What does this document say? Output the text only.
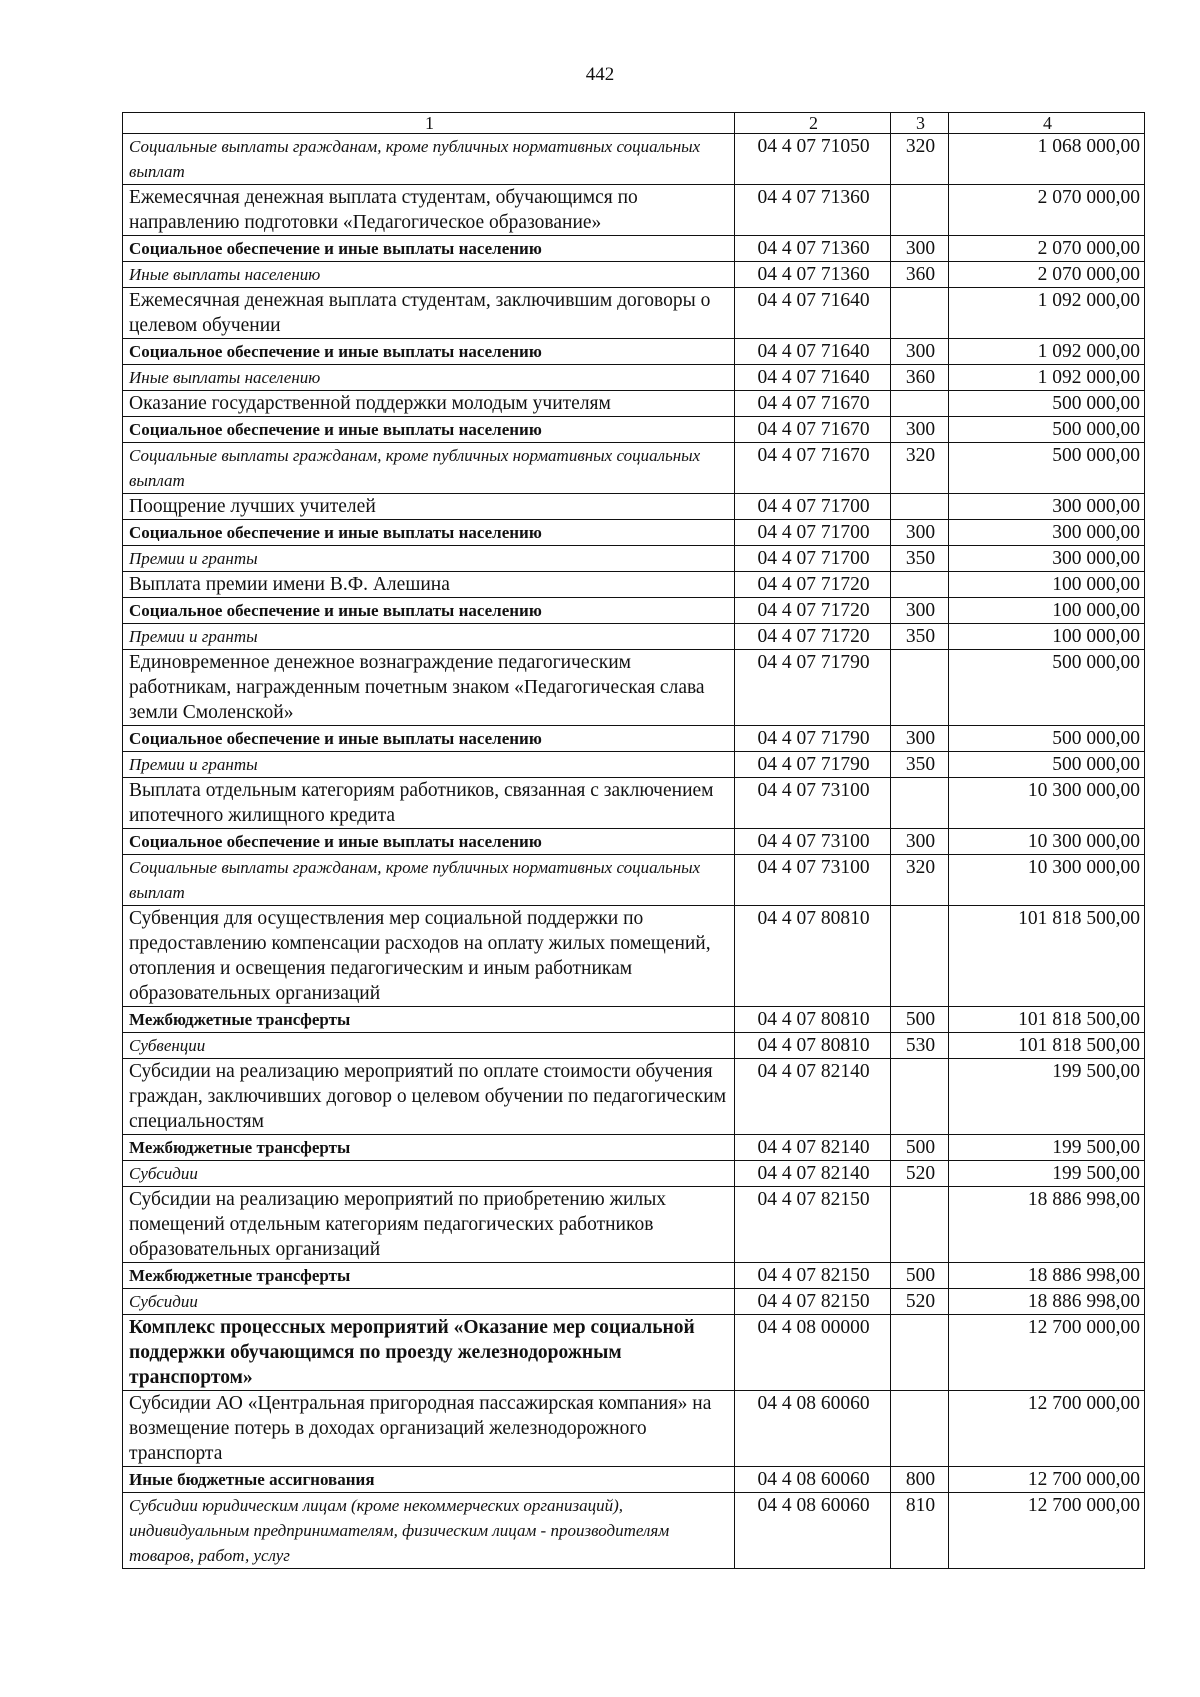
442
1	2	3	4
Социальные выплаты гражданам, кроме публичных нормативных социальных выплат	04 4 07 71050	320	1 068 000,00
Ежемесячная денежная выплата студентам, обучающимся по направлению подготовки «Педагогическое образование»	04 4 07 71360		2 070 000,00
Социальное обеспечение и иные выплаты населению	04 4 07 71360	300	2 070 000,00
Иные выплаты населению	04 4 07 71360	360	2 070 000,00
Ежемесячная денежная выплата студентам, заключившим договоры о целевом обучении	04 4 07 71640		1 092 000,00
Социальное обеспечение и иные выплаты населению	04 4 07 71640	300	1 092 000,00
Иные выплаты населению	04 4 07 71640	360	1 092 000,00
Оказание государственной поддержки молодым учителям	04 4 07 71670		500 000,00
Социальное обеспечение и иные выплаты населению	04 4 07 71670	300	500 000,00
Социальные выплаты гражданам, кроме публичных нормативных социальных выплат	04 4 07 71670	320	500 000,00
Поощрение лучших учителей	04 4 07 71700		300 000,00
Социальное обеспечение и иные выплаты населению	04 4 07 71700	300	300 000,00
Премии и гранты	04 4 07 71700	350	300 000,00
Выплата премии имени В.Ф. Алешина	04 4 07 71720		100 000,00
Социальное обеспечение и иные выплаты населению	04 4 07 71720	300	100 000,00
Премии и гранты	04 4 07 71720	350	100 000,00
Единовременное денежное вознаграждение педагогическим работникам, награжденным почетным знаком «Педагогическая слава земли Смоленской»	04 4 07 71790		500 000,00
Социальное обеспечение и иные выплаты населению	04 4 07 71790	300	500 000,00
Премии и гранты	04 4 07 71790	350	500 000,00
Выплата отдельным категориям работников, связанная с заключением ипотечного жилищного кредита	04 4 07 73100		10 300 000,00
Социальное обеспечение и иные выплаты населению	04 4 07 73100	300	10 300 000,00
Социальные выплаты гражданам, кроме публичных нормативных социальных выплат	04 4 07 73100	320	10 300 000,00
Субвенция для осуществления мер социальной поддержки по предоставлению компенсации расходов на оплату жилых помещений, отопления и освещения педагогическим и иным работникам образовательных организаций	04 4 07 80810		101 818 500,00
Межбюджетные трансферты	04 4 07 80810	500	101 818 500,00
Субвенции	04 4 07 80810	530	101 818 500,00
Субсидии на реализацию мероприятий по оплате стоимости обучения граждан, заключивших договор о целевом обучении по педагогическим специальностям	04 4 07 82140		199 500,00
Межбюджетные трансферты	04 4 07 82140	500	199 500,00
Субсидии	04 4 07 82140	520	199 500,00
Субсидии на реализацию мероприятий по приобретению жилых помещений отдельным категориям педагогических работников образовательных организаций	04 4 07 82150		18 886 998,00
Межбюджетные трансферты	04 4 07 82150	500	18 886 998,00
Субсидии	04 4 07 82150	520	18 886 998,00
Комплекс процессных мероприятий «Оказание мер социальной поддержки обучающимся по проезду железнодорожным транспортом»	04 4 08 00000		12 700 000,00
Субсидии АО «Центральная пригородная пассажирская компания» на возмещение потерь в доходах организаций железнодорожного транспорта	04 4 08 60060		12 700 000,00
Иные бюджетные ассигнования	04 4 08 60060	800	12 700 000,00
Субсидии юридическим лицам (кроме некоммерческих организаций), индивидуальным предпринимателям, физическим лицам - производителям товаров, работ, услуг	04 4 08 60060	810	12 700 000,00
